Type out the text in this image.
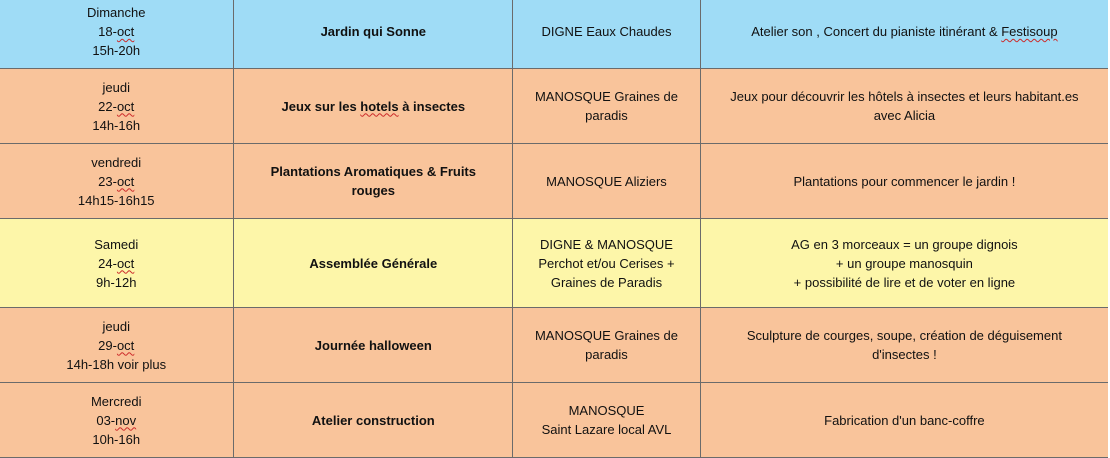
Dimanche
18-oct
15h-20h	Jardin qui Sonne	DIGNE Eaux Chaudes	Atelier son , Concert du pianiste itinérant & Festisoup

jeudi
22-oct
14h-16h	Jeux sur les hotels à insectes	MANOSQUE Graines de
paradis	Jeux pour découvrir les hôtels à insectes et leurs habitant.es
avec Alicia

vendredi
23-oct
14h15-16h15	Plantations Aromatiques & Fruits
rouges	MANOSQUE Aliziers	Plantations pour commencer le jardin !

Samedi
24-oct
9h-12h	Assemblée Générale	DIGNE & MANOSQUE
Perchot et/ou Cerises +
Graines de Paradis	AG en 3 morceaux = un groupe dignois
+ un groupe manosquin
+ possibilité de lire et de voter en ligne

jeudi
29-oct
14h-18h voir plus	Journée halloween	MANOSQUE Graines de
paradis	Sculpture de courges, soupe, création de déguisement
d'insectes !

Mercredi
03-nov
10h-16h	Atelier construction	MANOSQUE
Saint Lazare local AVL	Fabrication d'un banc-coffre
